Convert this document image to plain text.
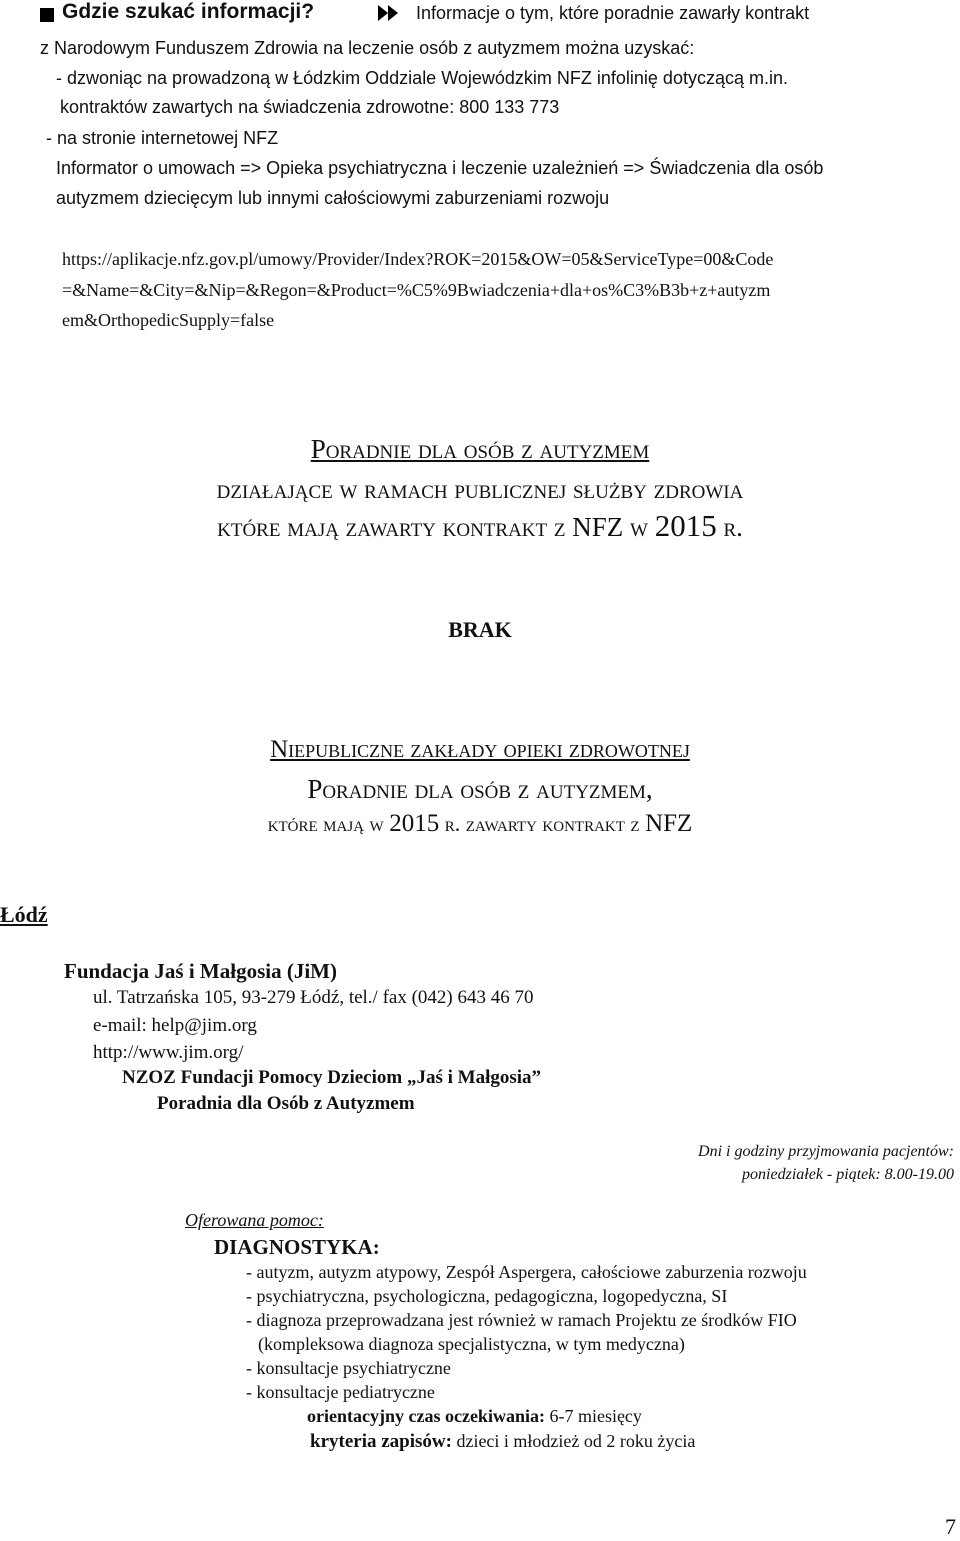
Gdzie szukać informacji?	Informacje o tym, które poradnie zawarły kontrakt
z Narodowym Funduszem Zdrowia na leczenie osób z autyzmem można uzyskać:
- dzwoniąc na prowadzoną w Łódzkim Oddziale Wojewódzkim NFZ infolinię dotyczącą m.in.
kontraktów zawartych na świadczenia zdrowotne: 800 133 773
- na stronie internetowej NFZ
Informator o umowach => Opieka psychiatryczna i leczenie uzależnień => Świadczenia dla osób
autyzmem dziecięcym lub innymi całościowymi zaburzeniami rozwoju
https://aplikacje.nfz.gov.pl/umowy/Provider/Index?ROK=2015&OW=05&ServiceType=00&Code
=&Name=&City=&Nip=&Regon=&Product=%C5%9Bwiadczenia+dla+os%C3%B3b+z+autyzm
em&OrthopedicSupply=false
Poradnie dla osób z autyzmem
działające w ramach publicznej służby zdrowia
które mają zawarty kontrakt z NFZ w 2015 r.
BRAK
Niepubliczne zakłady opieki zdrowotnej
Poradnie dla osób z autyzmem,
które mają w 2015 r. zawarty kontrakt z NFZ
Łódź
Fundacja Jaś i Małgosia (JiM)
ul. Tatrzańska 105, 93-279 Łódź, tel./ fax (042) 643 46 70
e-mail: help@jim.org
http://www.jim.org/
NZOZ Fundacji Pomocy Dzieciom „Jaś i Małgosia”
Poradnia dla Osób z Autyzmem
Dni i godziny przyjmowania pacjentów:
poniedziałek - piątek: 8.00-19.00
Oferowana pomoc:
DIAGNOSTYKA:
- autyzm, autyzm atypowy, Zespół Aspergera, całościowe zaburzenia rozwoju
- psychiatryczna, psychologiczna, pedagogiczna, logopedyczna, SI
- diagnoza przeprowadzana jest również w ramach Projektu ze środków FIO
(kompleksowa diagnoza specjalistyczna, w tym medyczna)
- konsultacje psychiatryczne
- konsultacje pediatryczne
orientacyjny czas oczekiwania: 6-7 miesięcy
kryteria zapisów: dzieci i młodzież od 2 roku życia
7
